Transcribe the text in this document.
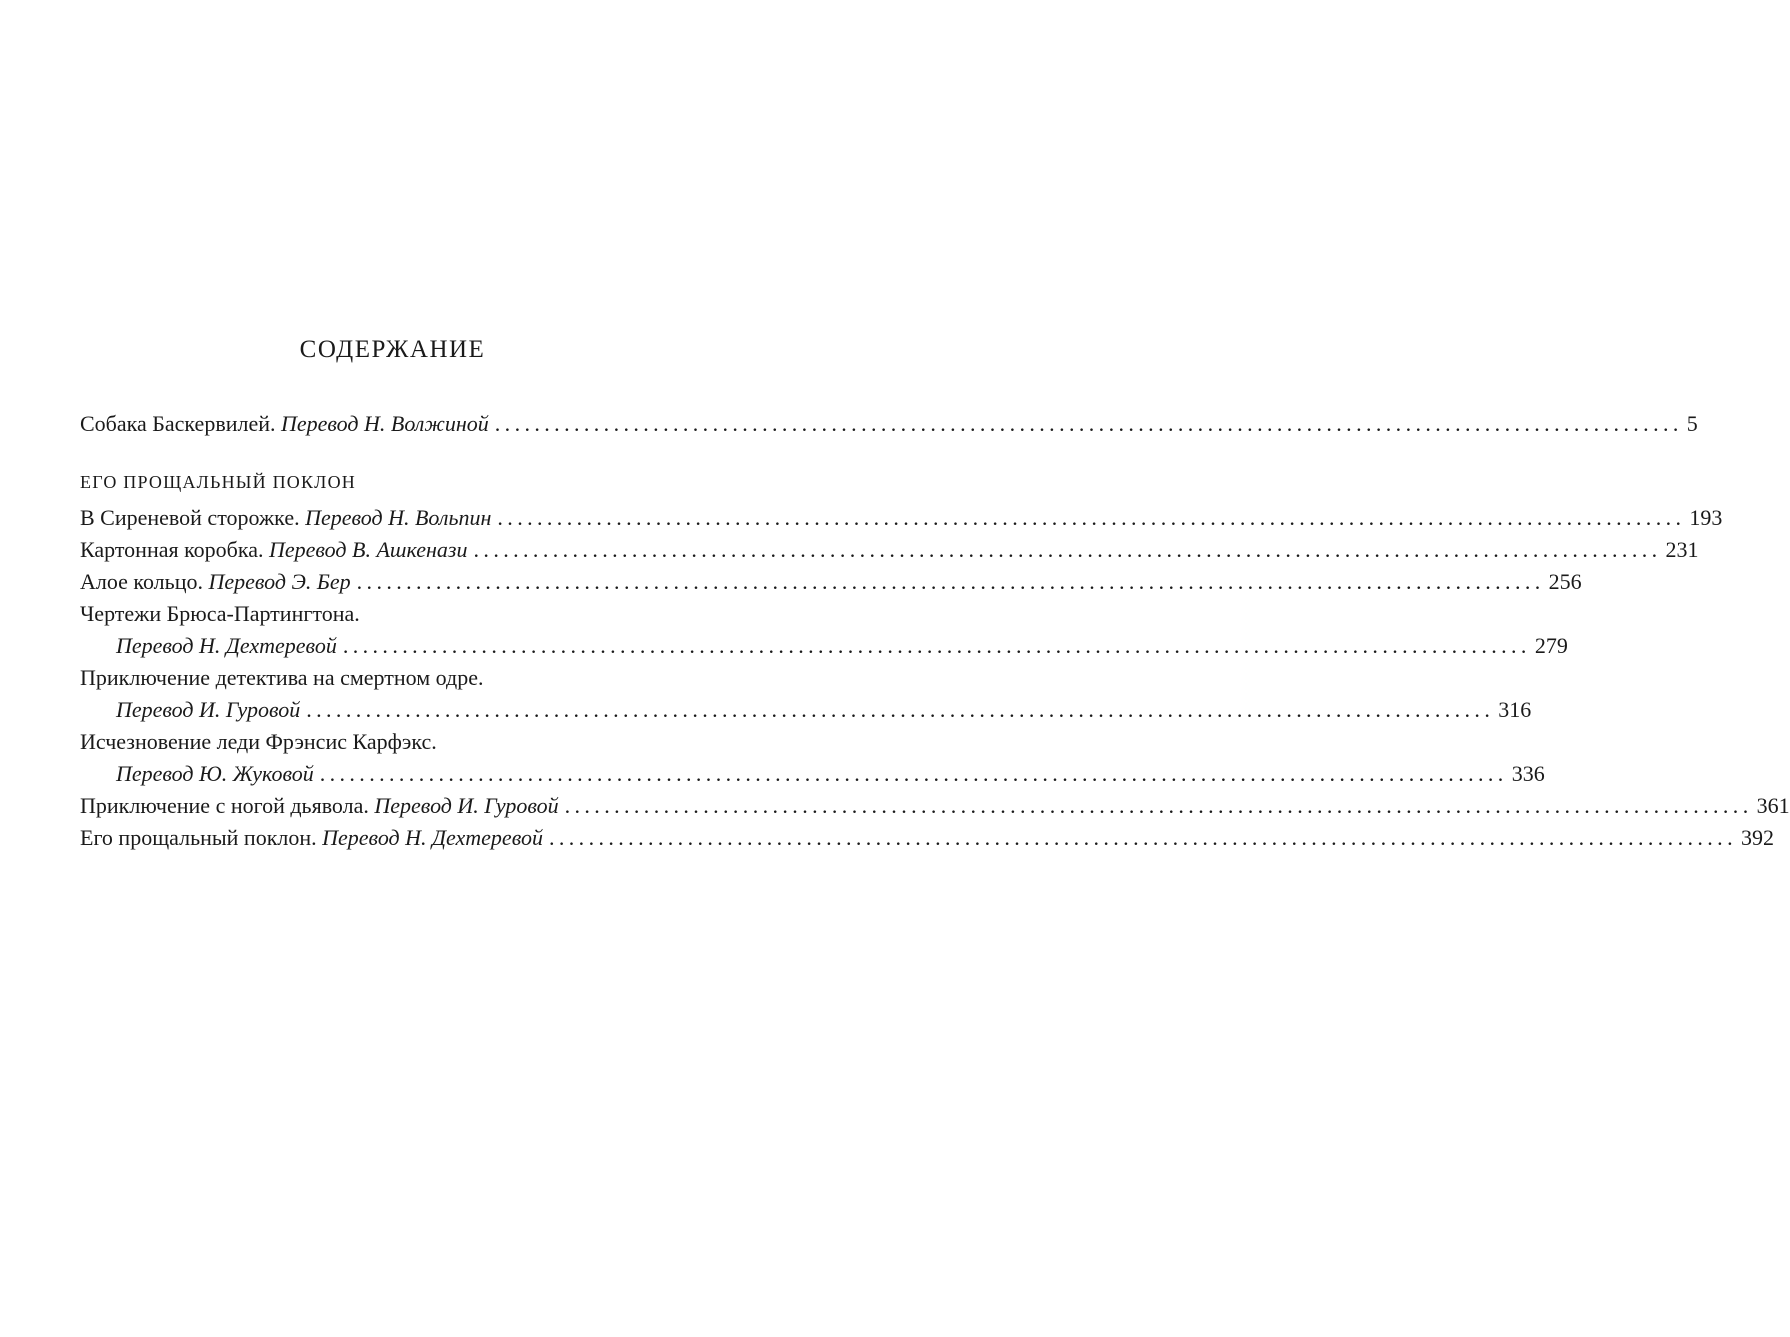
СОДЕРЖАНИЕ
Собака Баскервилей.
Перевод Н. Волжиной ........................................................................................................................ 5
ЕГО ПРОЩАЛЬНЫЙ ПОКЛОН
В Сиреневой сторожке.
Перевод Н. Вольпин ........................................................................................................................ 193
Картонная коробка.
Перевод В. Ашкенази ........................................................................................................................ 231
Алое кольцо.
Перевод Э. Бер ........................................................................................................................ 256
Чертежи Брюса-Партингтона.
Перевод Н. Дехтеревой ........................................................................................................................ 279
Приключение детектива на смертном одре.
Перевод И. Гуровой ........................................................................................................................ 316
Исчезновение леди Фрэнсис Карфэкс.
Перевод Ю. Жуковой ........................................................................................................................ 336
Приключение с ногой дьявола.
Перевод И. Гуровой ........................................................................................................................ 361
Его прощальный поклон.
Перевод Н. Дехтеревой ........................................................................................................................ 392
